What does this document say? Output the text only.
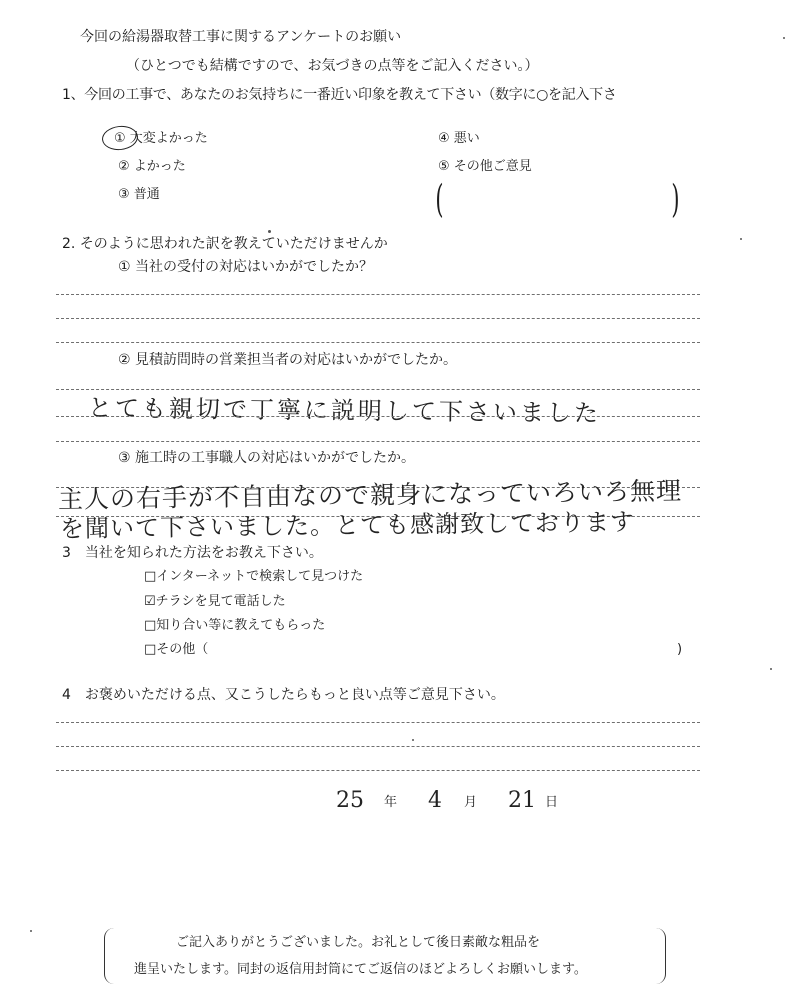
今回の給湯器取替工事に関するアンケートのお願い
（ひとつでも結構ですので、お気づきの点等をご記入ください。）
1、今回の工事で、あなたのお気持ちに一番近い印象を教えて下さい（数字に○を記入下さ
① 大変よかった
② よかった
③ 普通
④ 悪い
⑤ その他ご意見
(	)
2. そのように思われた訳を教えていただけませんか
① 当社の受付の対応はいかがでしたか？
② 見積訪問時の営業担当者の対応はいかがでしたか。
とても親切で丁寧に説明して下さいました
③ 施工時の工事職人の対応はいかがでしたか。
主人の右手が不自由なので親身になっていろいろ無理
を聞いて下さいました。とても感謝致しております
3　当社を知られた方法をお教え下さい。
□インターネットで検索して見つけた
☑チラシを見て電話した
□知り合い等に教えてもらった
□その他（	)
4　お褒めいただける点、又こうしたらもっと良い点等ご意見下さい。
25 年 4 月 21 日
ご記入ありがとうございました。お礼として後日素敵な粗品を
進呈いたします。同封の返信用封筒にてご返信のほどよろしくお願いします。
